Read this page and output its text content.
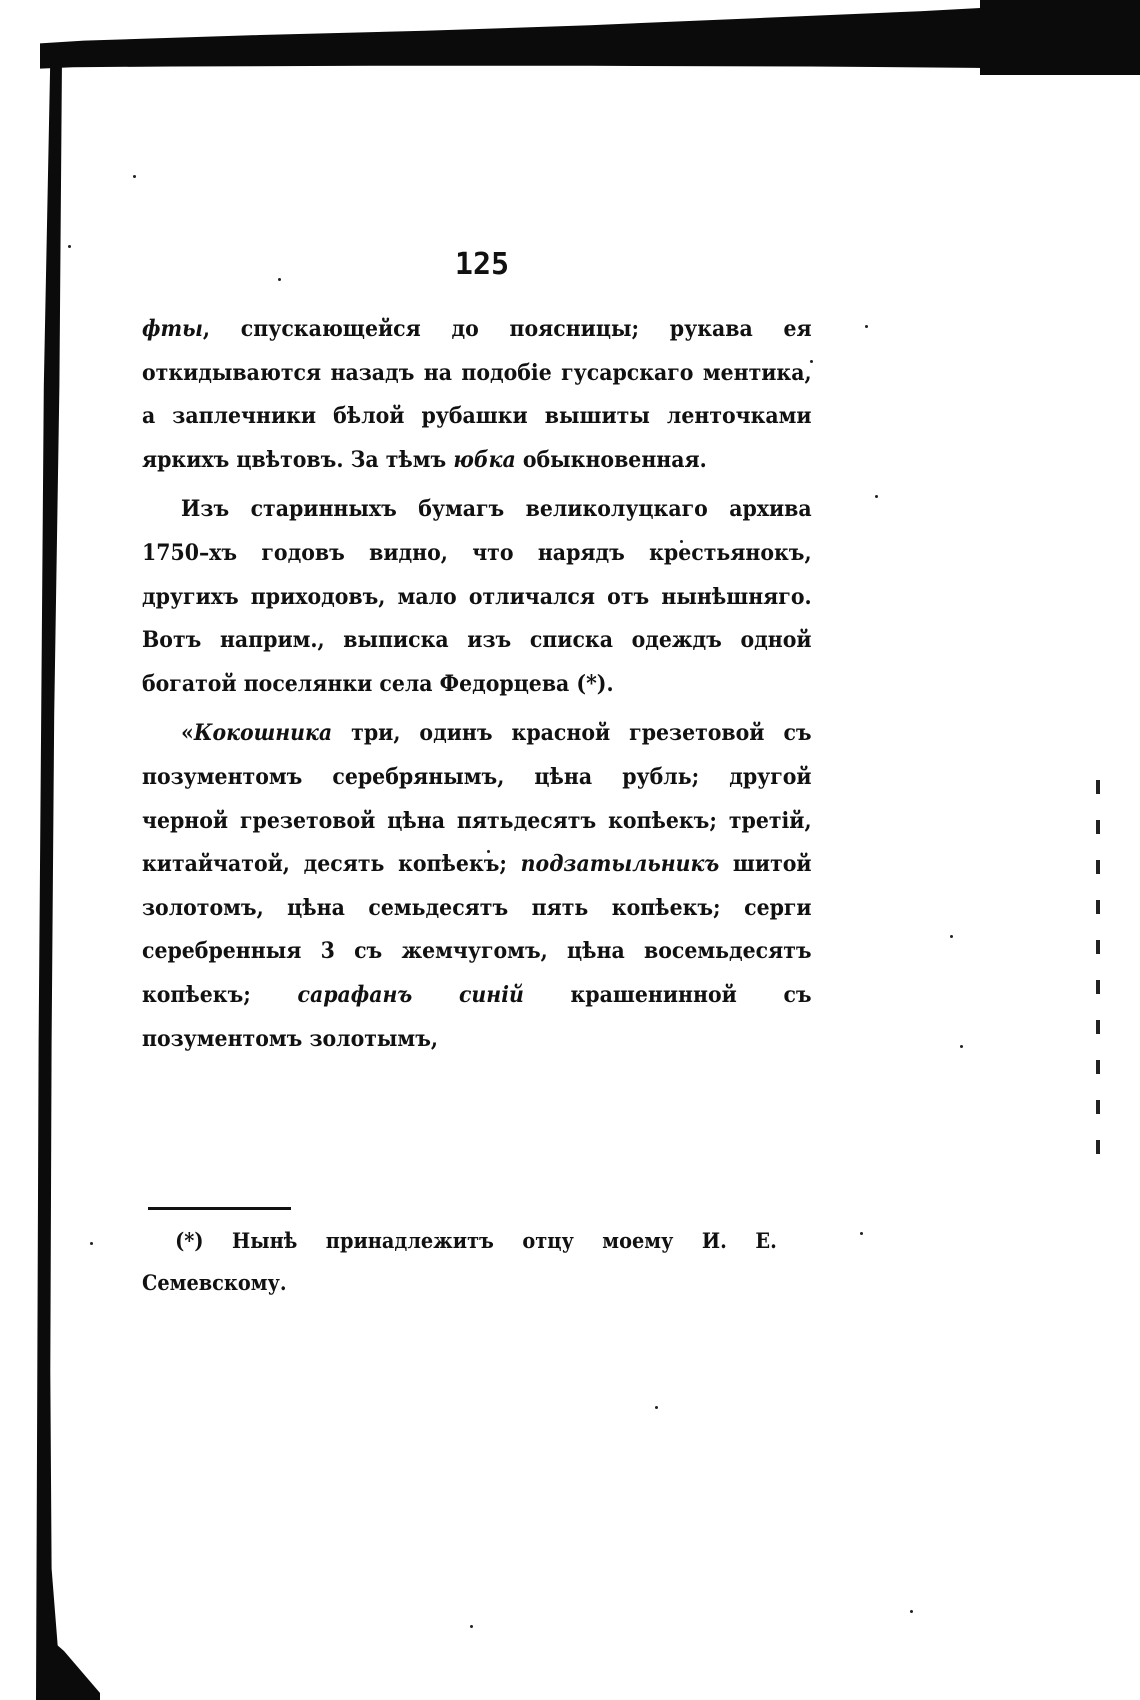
125

фты, спускающейся до поясницы; рукава ея откидываются назадъ на подобіе гусарскаго ментика, а заплечники бѣлой рубашки вышиты ленточками яркихъ цвѣтовъ. За тѣмъ юбка обыкновенная.

Изъ старинныхъ бумагъ великолуцкаго архива 1750–хъ годовъ видно, что нарядъ крестьянокъ, другихъ приходовъ, мало отличался отъ нынѣшняго. Вотъ наприм., выписка изъ списка одеждъ одной богатой поселянки села Федорцева (*).

«Кокошника три, одинъ красной грезетовой съ позументомъ серебрянымъ, цѣна рубль; другой черной грезетовой цѣна пятьдесятъ копѣекъ; третій, китайчатой, десять копѣекъ; подзатыльникъ шитой золотомъ, цѣна семьдесятъ пять копѣекъ; серги серебренныя 3 съ жемчугомъ, цѣна восемьдесятъ копѣекъ; сарафанъ синій крашенинной съ позументомъ золотымъ,

(*) Нынѣ принадлежитъ отцу моему И. Е. Семевскому.
